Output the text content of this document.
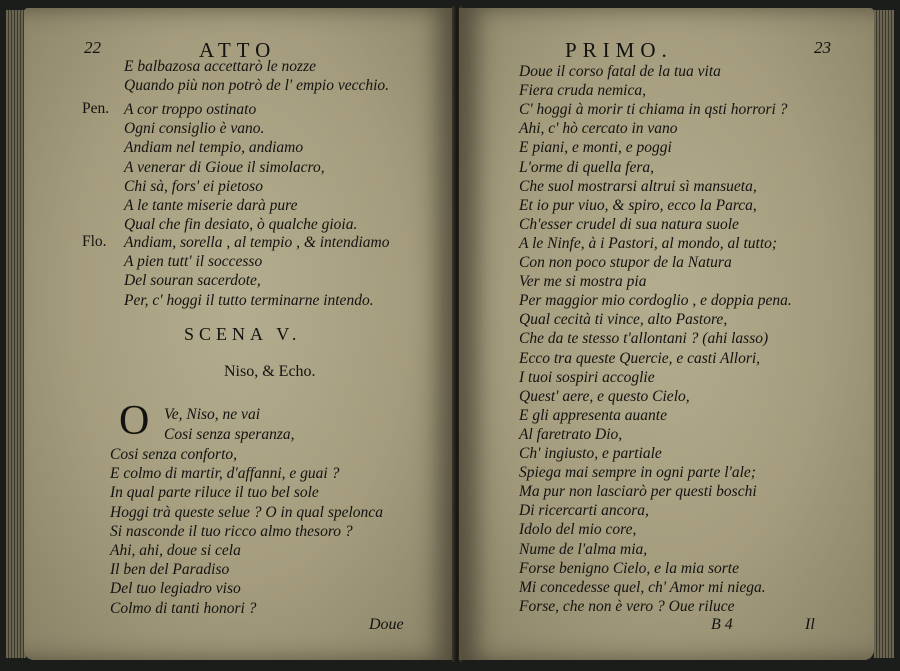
22	ATTO
E balbazosa accettarò le nozze
Quando più non potrò de l' empio vecchio.
Pen. A cor troppo ostinato
Ogni consiglio è vano.
Andiam nel tempio, andiamo
A venerar di Gioue il simolacro,
Chi sà, fors' ei pietoso
A le tante miserie darà pure
Qual che fin desiato, ò qualche gioia.
Flo. Andiam, sorella , al tempio , & intendiamo
A pien tutt' il soccesso
Del souran sacerdote,
Per, c' hoggi il tutto terminarne intendo.
SCENA V.
Niso, & Echo.
O Ve, Niso, ne vai
Cosi senza speranza,
Cosi senza conforto,
E colmo di martir, d'affanni, e guai ?
In qual parte riluce il tuo bel sole
Hoggi trà queste selue ? O in qual spelonca
Si nasconde il tuo ricco almo thesoro ?
Ahi, ahi, doue si cela
Il ben del Paradiso
Del tuo legiadro viso
Colmo di tanti honori ?
Doue
PRIMO.	23
Doue il corso fatal de la tua vita
Fiera cruda nemica,
C' hoggi à morir ti chiama in qsti horrori ?
Ahi, c' hò cercato in vano
E piani, e monti, e poggi
L'orme di quella fera,
Che suol mostrarsi altrui sì mansueta,
Et io pur viuo, & spiro, ecco la Parca,
Ch'esser crudel di sua natura suole
A le Ninfe, à i Pastori, al mondo, al tutto;
Con non poco stupor de la Natura
Ver me si mostra pia
Per maggior mio cordoglio , e doppia pena.
Qual cecità ti vince, alto Pastore,
Che da te stesso t'allontani ? (ahi lasso)
Ecco tra queste Quercie, e casti Allori,
I tuoi sospiri accoglie
Quest' aere, e questo Cielo,
E gli appresenta auante
Al faretrato Dio,
Ch' ingiusto, e partiale
Spiega mai sempre in ogni parte l'ale;
Ma pur non lasciarò per questi boschi
Di ricercarti ancora,
Idolo del mio core,
Nume de l'alma mia,
Forse benigno Cielo, e la mia sorte
Mi concedesse quel, ch' Amor mi niega.
Forse, che non è vero ? Oue riluce
B 4	Il
